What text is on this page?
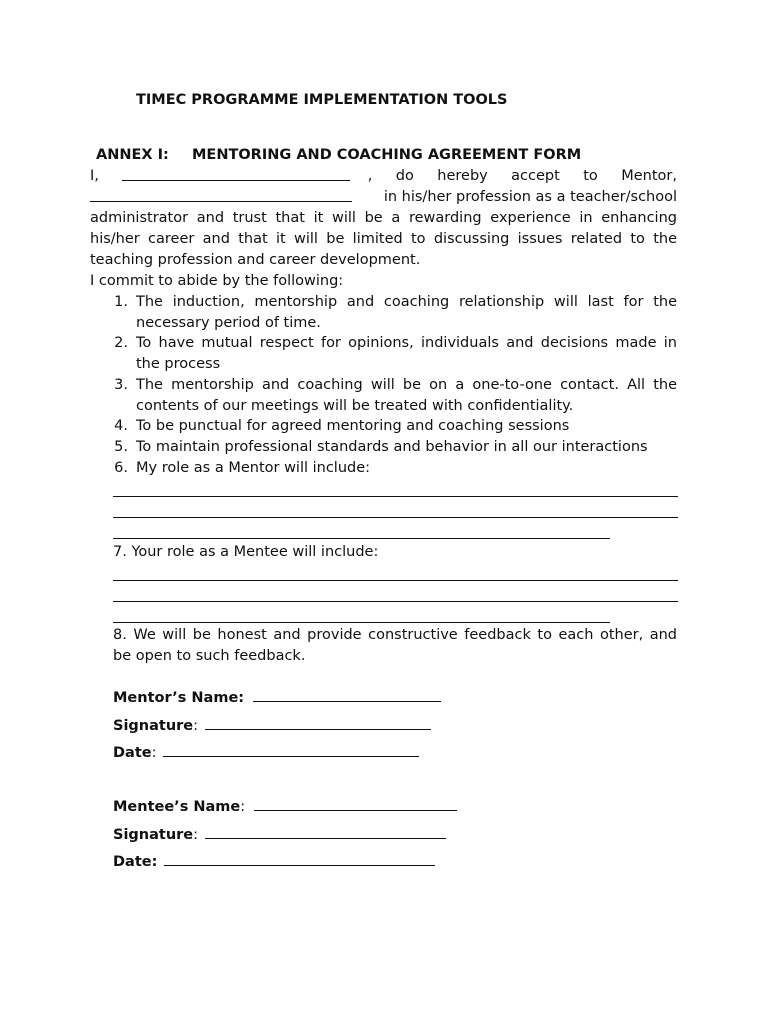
TIMEC PROGRAMME IMPLEMENTATION TOOLS
ANNEX I: MENTORING AND COACHING AGREEMENT FORM
I,	, do hereby accept to Mentor,
in his/her profession as a teacher/school
administrator and trust that it will be a rewarding experience in enhancing
his/her career and that it will be limited to discussing issues related to the
teaching profession and career development.
I commit to abide by the following:
1. The induction, mentorship and coaching relationship will last for the
necessary period of time.
2. To have mutual respect for opinions, individuals and decisions made in
the process
3. The mentorship and coaching will be on a one-to-one contact. All the
contents of our meetings will be treated with confidentiality.
4. To be punctual for agreed mentoring and coaching sessions
5. To maintain professional standards and behavior in all our interactions
6. My role as a Mentor will include:
7. Your role as a Mentee will include:
8. We will be honest and provide constructive feedback to each other, and
be open to such feedback.
Mentor’s Name:
Signature:
Date:
Mentee’s Name:
Signature:
Date:
